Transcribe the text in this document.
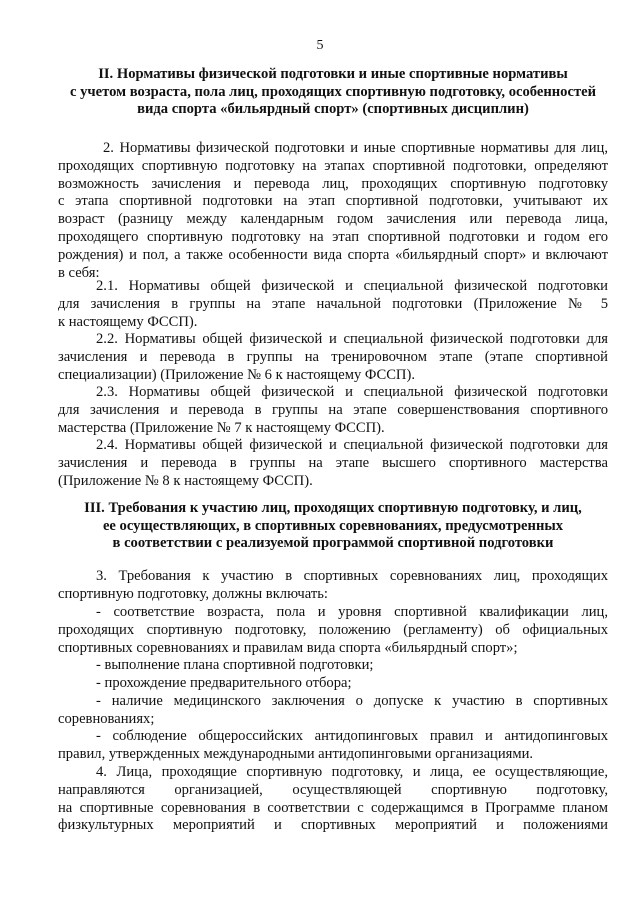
5
II. Нормативы физической подготовки и иные спортивные нормативы
с учетом возраста, пола лиц, проходящих спортивную подготовку, особенностей
вида спорта «бильярдный спорт» (спортивных дисциплин)
2. Нормативы физической подготовки и иные спортивные нормативы для лиц,
проходящих спортивную подготовку на этапах спортивной подготовки, определяют
возможность зачисления и перевода лиц, проходящих спортивную подготовку
с этапа спортивной подготовки на этап спортивной подготовки, учитывают их
возраст (разницу между календарным годом зачисления или перевода лица,
проходящего спортивную подготовку на этап спортивной подготовки и годом его
рождения) и пол, а также особенности вида спорта «бильярдный спорт» и включают
в себя:
2.1. Нормативы общей физической и специальной физической подготовки
для зачисления в группы на этапе начальной подготовки (Приложение № 5
к настоящему ФССП).
2.2. Нормативы общей физической и специальной физической подготовки для
зачисления и перевода в группы на тренировочном этапе (этапе спортивной
специализации) (Приложение № 6 к настоящему ФССП).
2.3. Нормативы общей физической и специальной физической подготовки
для зачисления и перевода в группы на этапе совершенствования спортивного
мастерства (Приложение № 7 к настоящему ФССП).
2.4. Нормативы общей физической и специальной физической подготовки для
зачисления и перевода в группы на этапе высшего спортивного мастерства
(Приложение № 8 к настоящему ФССП).
III. Требования к участию лиц, проходящих спортивную подготовку, и лиц,
ее осуществляющих, в спортивных соревнованиях, предусмотренных
в соответствии с реализуемой программой спортивной подготовки
3. Требования к участию в спортивных соревнованиях лиц, проходящих
спортивную подготовку, должны включать:
- соответствие возраста, пола и уровня спортивной квалификации лиц,
проходящих спортивную подготовку, положению (регламенту) об официальных
спортивных соревнованиях и правилам вида спорта «бильярдный спорт»;
- выполнение плана спортивной подготовки;
- прохождение предварительного отбора;
- наличие медицинского заключения о допуске к участию в спортивных
соревнованиях;
- соблюдение общероссийских антидопинговых правил и антидопинговых
правил, утвержденных международными антидопинговыми организациями.
4. Лица, проходящие спортивную подготовку, и лица, ее осуществляющие,
направляются организацией, осуществляющей спортивную подготовку,
на спортивные соревнования в соответствии с содержащимся в Программе планом
физкультурных мероприятий и спортивных мероприятий и положениями
